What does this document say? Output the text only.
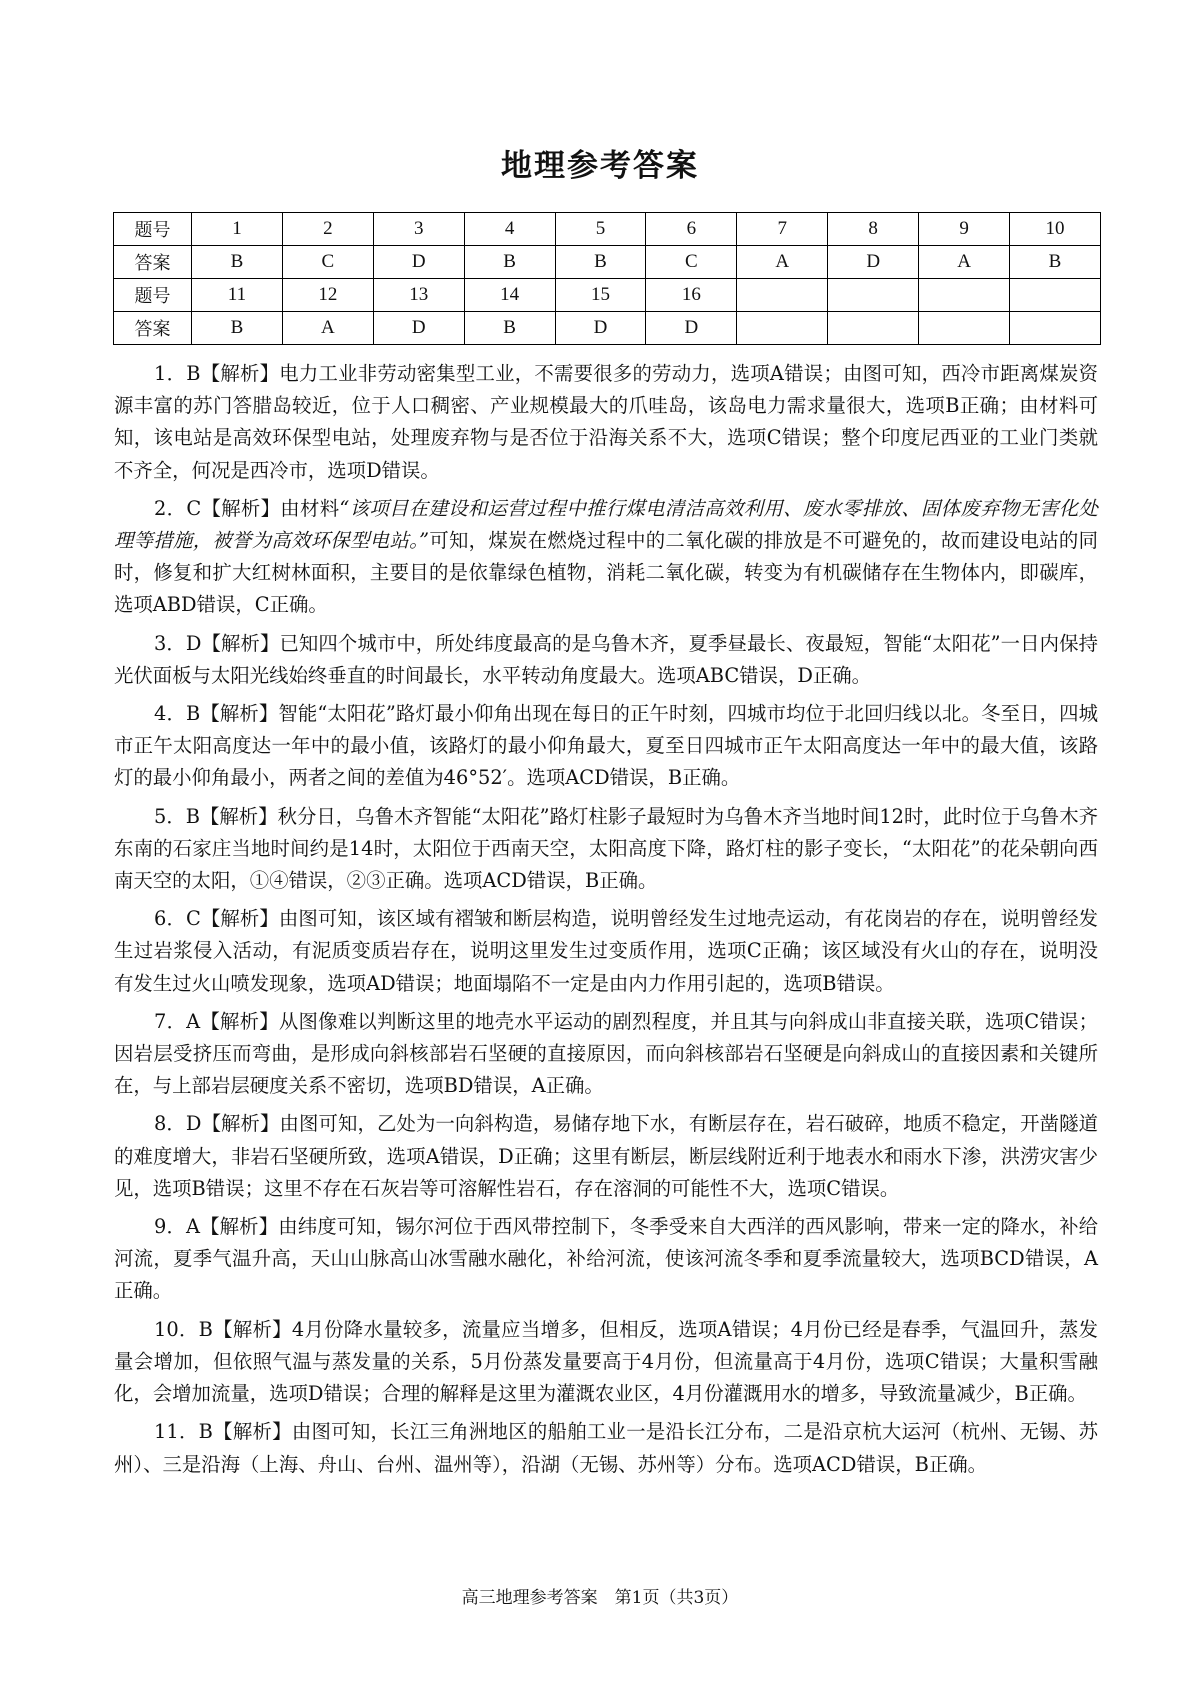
地理参考答案
题号	1	2	3	4	5	6	7	8	9	10
答案	B	C	D	B	B	C	A	D	A	B
题号	11	12	13	14	15	16				
答案	B	A	D	B	D	D				

1．B【解析】电力工业非劳动密集型工业，不需要很多的劳动力，选项A错误；由图可知，西冷市距离煤炭资源丰富的苏门答腊岛较近，位于人口稠密、产业规模最大的爪哇岛，该岛电力需求量很大，选项B正确；由材料可知，该电站是高效环保型电站，处理废弃物与是否位于沿海关系不大，选项C错误；整个印度尼西亚的工业门类就不齐全，何况是西冷市，选项D错误。

2．C【解析】由材料“该项目在建设和运营过程中推行煤电清洁高效利用、废水零排放、固体废弃物无害化处理等措施，被誉为高效环保型电站。”可知，煤炭在燃烧过程中的二氧化碳的排放是不可避免的，故而建设电站的同时，修复和扩大红树林面积，主要目的是依靠绿色植物，消耗二氧化碳，转变为有机碳储存在生物体内，即碳库，选项ABD错误，C正确。

3．D【解析】已知四个城市中，所处纬度最高的是乌鲁木齐，夏季昼最长、夜最短，智能“太阳花”一日内保持光伏面板与太阳光线始终垂直的时间最长，水平转动角度最大。选项ABC错误，D正确。

4．B【解析】智能“太阳花”路灯最小仰角出现在每日的正午时刻，四城市均位于北回归线以北。冬至日，四城市正午太阳高度达一年中的最小值，该路灯的最小仰角最大，夏至日四城市正午太阳高度达一年中的最大值，该路灯的最小仰角最小，两者之间的差值为46°52′。选项ACD错误，B正确。

5．B【解析】秋分日，乌鲁木齐智能“太阳花”路灯柱影子最短时为乌鲁木齐当地时间12时，此时位于乌鲁木齐东南的石家庄当地时间约是14时，太阳位于西南天空，太阳高度下降，路灯柱的影子变长，“太阳花”的花朵朝向西南天空的太阳，①④错误，②③正确。选项ACD错误，B正确。

6．C【解析】由图可知，该区域有褶皱和断层构造，说明曾经发生过地壳运动，有花岗岩的存在，说明曾经发生过岩浆侵入活动，有泥质变质岩存在，说明这里发生过变质作用，选项C正确；该区域没有火山的存在，说明没有发生过火山喷发现象，选项AD错误；地面塌陷不一定是由内力作用引起的，选项B错误。

7．A【解析】从图像难以判断这里的地壳水平运动的剧烈程度，并且其与向斜成山非直接关联，选项C错误；因岩层受挤压而弯曲，是形成向斜核部岩石坚硬的直接原因，而向斜核部岩石坚硬是向斜成山的直接因素和关键所在，与上部岩层硬度关系不密切，选项BD错误，A正确。

8．D【解析】由图可知，乙处为一向斜构造，易储存地下水，有断层存在，岩石破碎，地质不稳定，开凿隧道的难度增大，非岩石坚硬所致，选项A错误，D正确；这里有断层，断层线附近利于地表水和雨水下渗，洪涝灾害少见，选项B错误；这里不存在石灰岩等可溶解性岩石，存在溶洞的可能性不大，选项C错误。

9．A【解析】由纬度可知，锡尔河位于西风带控制下，冬季受来自大西洋的西风影响，带来一定的降水，补给河流，夏季气温升高，天山山脉高山冰雪融水融化，补给河流，使该河流冬季和夏季流量较大，选项BCD错误，A正确。

10．B【解析】4月份降水量较多，流量应当增多，但相反，选项A错误；4月份已经是春季，气温回升，蒸发量会增加，但依照气温与蒸发量的关系，5月份蒸发量要高于4月份，但流量高于4月份，选项C错误；大量积雪融化，会增加流量，选项D错误；合理的解释是这里为灌溉农业区，4月份灌溉用水的增多，导致流量减少，B正确。

11．B【解析】由图可知，长江三角洲地区的船舶工业一是沿长江分布，二是沿京杭大运河（杭州、无锡、苏州）、三是沿海（上海、舟山、台州、温州等），沿湖（无锡、苏州等）分布。选项ACD错误，B正确。

高三地理参考答案　第1页（共3页）
